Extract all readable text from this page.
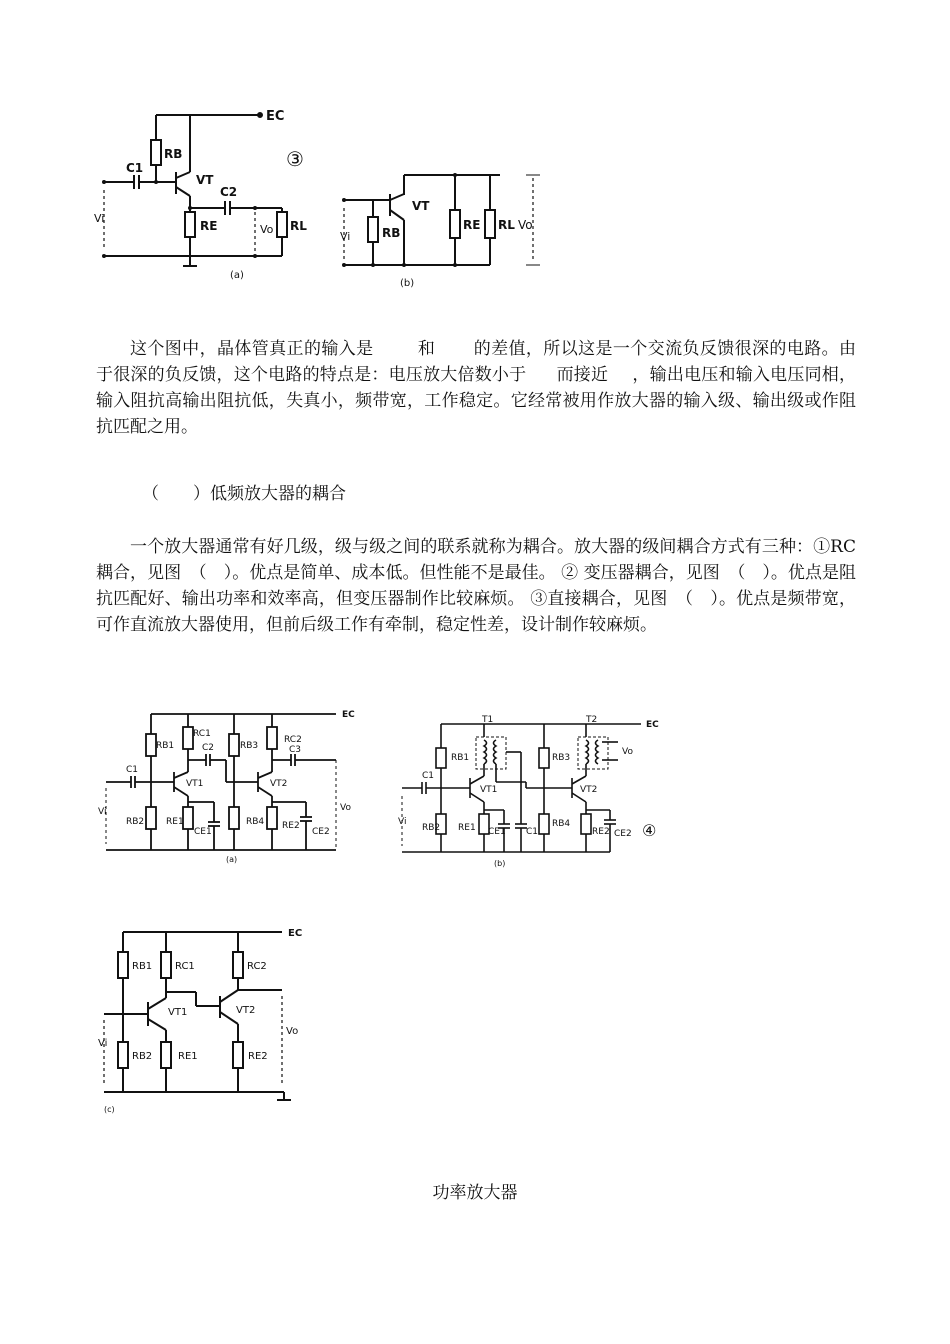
EC
③
RB
C1
VT
C2
RE	RL
Vi
Vo
(a)
VT
RB
RE RL
Vi
Vo
(b)
这个图中，晶体管真正的输入是	和 的差值，所以这是一个交流负反馈很深的电路。由于很深的负反馈，这个电路的特点是：电压放大倍数小于 而接近 ，输出电压和输入电压同相，输入阻抗高输出阻抗低，失真小，频带宽，工作稳定。它经常被用作放大器的输入级、输出级或作阻抗匹配之用。
（　　）低频放大器的耦合
一个放大器通常有好几级，级与级之间的联系就称为耦合。放大器的级间耦合方式有三种：①RC 耦合，见图　（　）。优点是简单、成本低。但性能不是最佳。 ② 变压器耦合，见图　（　）。优点是阻抗匹配好、输出功率和效率高，但变压器制作比较麻烦。 ③直接耦合，见图　（　）。优点是频带宽，可作直流放大器使用，但前后级工作有牵制，稳定性差，设计制作较麻烦。
EC
RB1
RC1
C2	RB3
RC2
C3
C1
VT1	VT2
Vi	Vo
RB2 RE1
CE1
RB4 RE2
CE2
(a)
T1	T2	EC
④
RB1	RB3
Vo
C1
VT1	VT2
Vi
RB2 RE1 CE1 C1
RB4
RE2 CE2
(b)
EC
RB1 RC1	RC2
VT1	VT2
Vi
Vo
RB2	RE1	RE2
(c)
功率放大器
